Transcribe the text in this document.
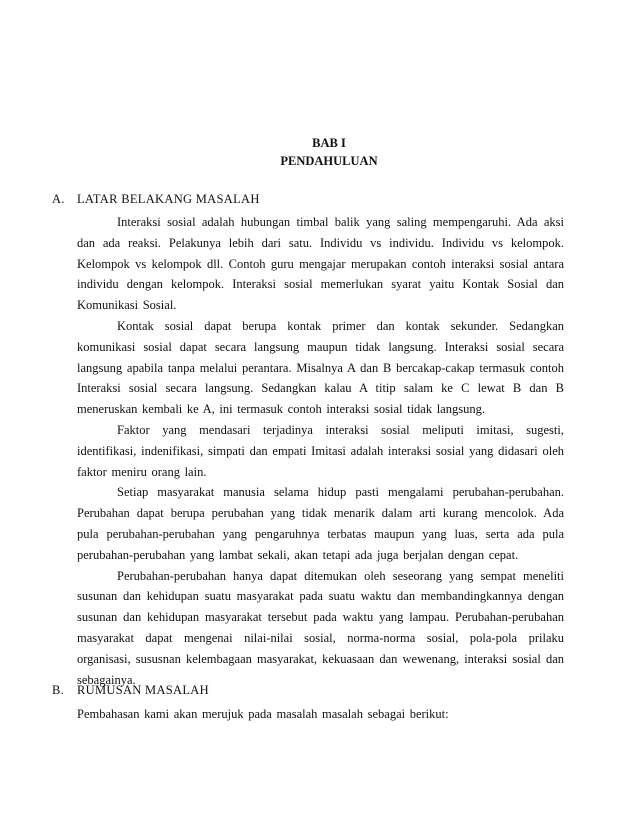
BAB I
PENDAHULUAN
A. LATAR BELAKANG MASALAH

Interaksi sosial adalah hubungan timbal balik yang saling mempengaruhi. Ada aksi dan ada reaksi. Pelakunya lebih dari satu. Individu vs individu. Individu vs kelompok. Kelompok vs kelompok dll. Contoh guru mengajar merupakan contoh interaksi sosial antara individu dengan kelompok. Interaksi sosial memerlukan syarat yaitu Kontak Sosial dan Komunikasi Sosial.

Kontak sosial dapat berupa kontak primer dan kontak sekunder. Sedangkan komunikasi sosial dapat secara langsung maupun tidak langsung. Interaksi sosial secara langsung apabila tanpa melalui perantara. Misalnya A dan B bercakap-cakap termasuk contoh Interaksi sosial secara langsung. Sedangkan kalau A titip salam ke C lewat B dan B meneruskan kembali ke A, ini termasuk contoh interaksi sosial tidak langsung.

Faktor yang mendasari terjadinya interaksi sosial meliputi imitasi, sugesti, identifikasi, indenifikasi, simpati dan empati Imitasi adalah interaksi sosial yang didasari oleh faktor meniru orang lain.

Setiap masyarakat manusia selama hidup pasti mengalami perubahan-perubahan. Perubahan dapat berupa perubahan yang tidak menarik dalam arti kurang mencolok. Ada pula perubahan-perubahan yang pengaruhnya terbatas maupun yang luas, serta ada pula perubahan-perubahan yang lambat sekali, akan tetapi ada juga berjalan dengan cepat.

Perubahan-perubahan hanya dapat ditemukan oleh seseorang yang sempat meneliti susunan dan kehidupan suatu masyarakat pada suatu waktu dan membandingkannya dengan susunan dan kehidupan masyarakat tersebut pada waktu yang lampau. Perubahan-perubahan masyarakat dapat mengenai nilai-nilai sosial, norma-norma sosial, pola-pola prilaku organisasi, sususnan kelembagaan masyarakat, kekuasaan dan wewenang, interaksi sosial dan sebagainya.

B. RUMUSAN MASALAH

Pembahasan kami akan merujuk pada masalah masalah sebagai berikut:
